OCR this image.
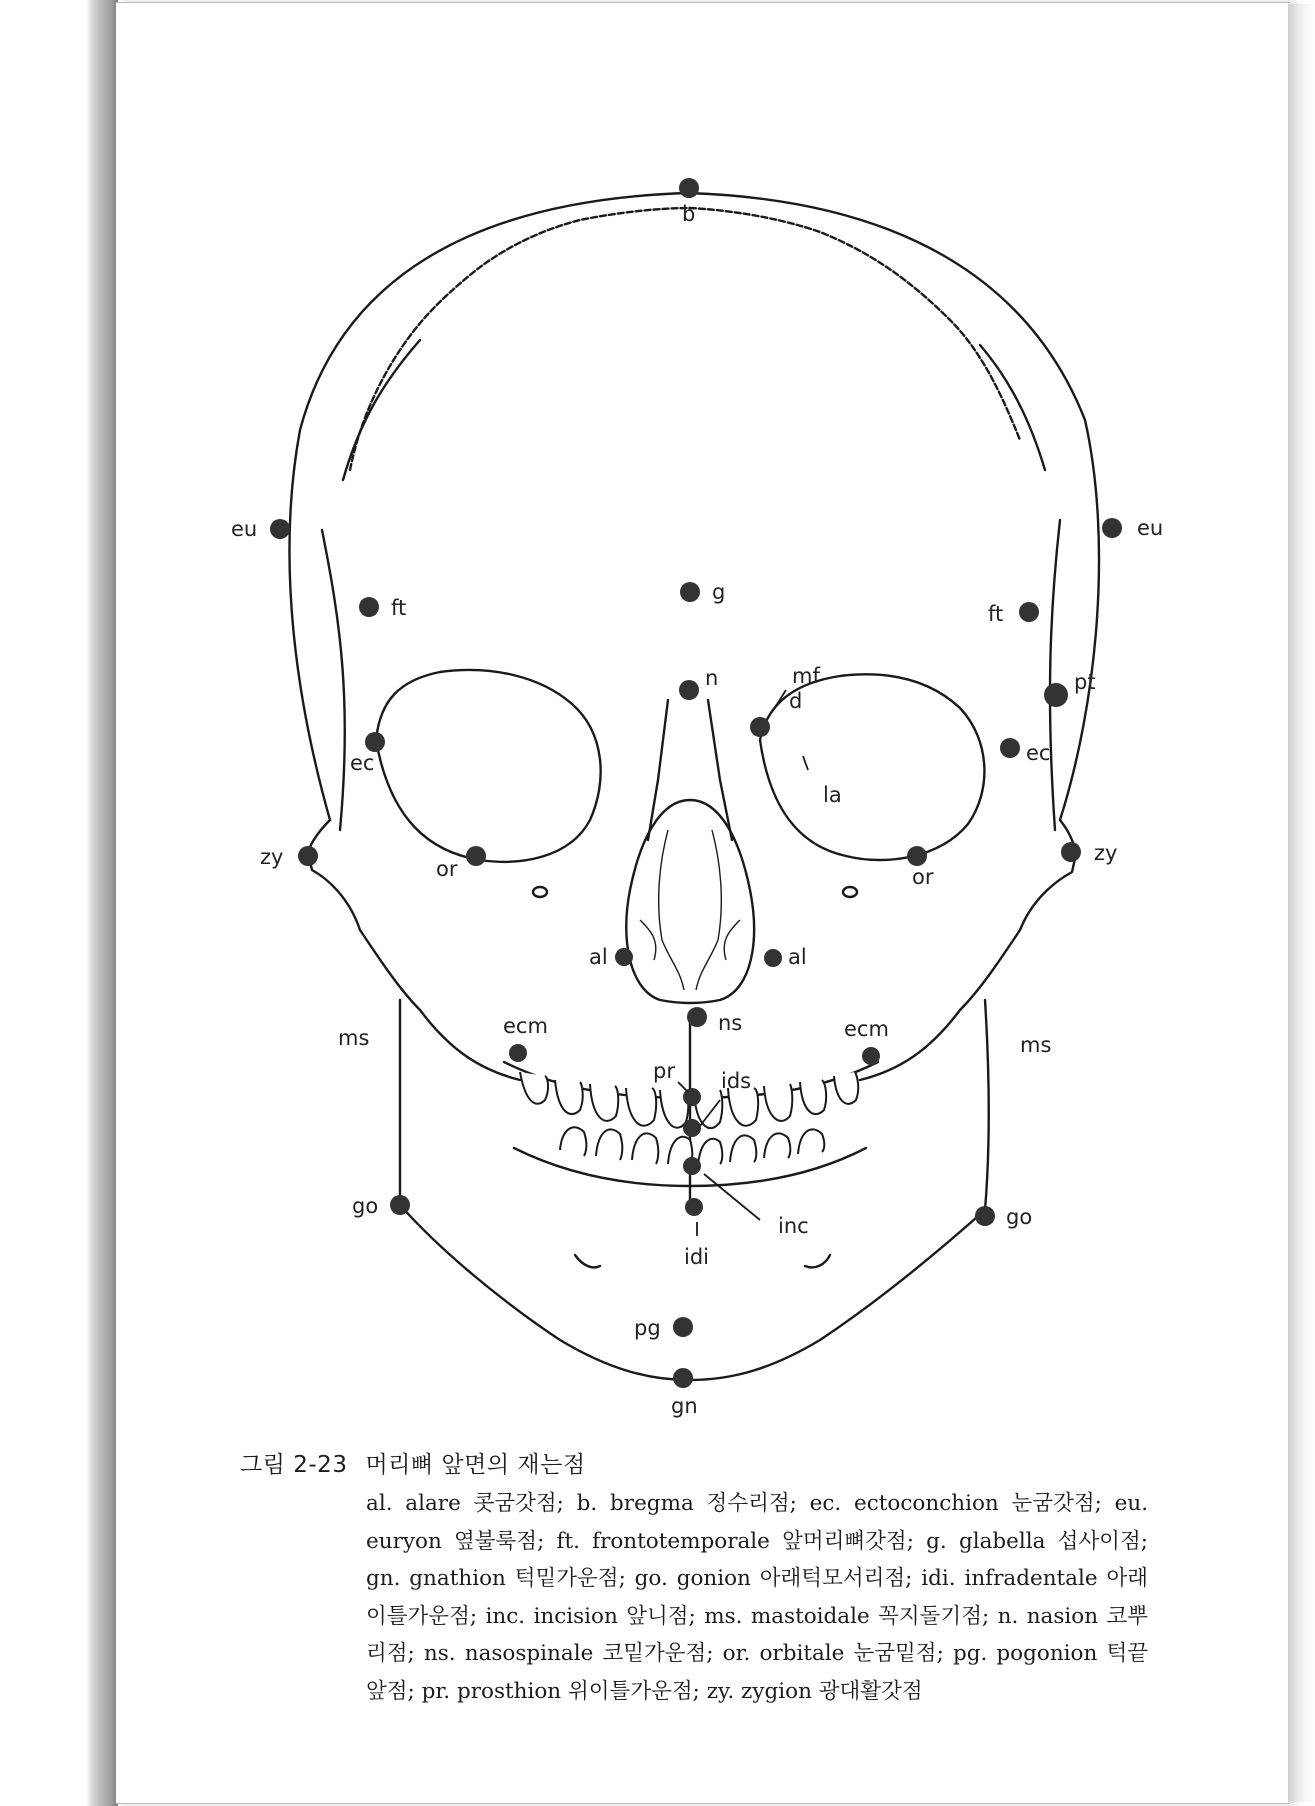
b
eu	eu
g
ft	ft
n	mf
d
pt
ec	ec
la
zy	zy
or	or
al	al
ns
ms	ms
ecm	ecm
pr ids
go	go
inc
idi
pg
gn
그림 2-23 머리뼈 앞면의 재는점
al. alare 콧굼갓점; b. bregma 정수리점; ec. ectoconchion 눈굼갓점; eu. euryon 옆불룩점; ft. frontotemporale 앞머리뼈갓점; g. glabella 섭사이점; gn. gnathion 턱밑가운점; go. gonion 아래턱모서리점; idi. infradentale 아래이틀가운점; inc. incision 앞니점; ms. mastoidale 꼭지돌기점; n. nasion 코뿌리점; ns. nasospinale 코밑가운점; or. orbitale 눈굼밑점; pg. pogonion 턱끝앞점; pr. prosthion 위이틀가운점; zy. zygion 광대활갓점
